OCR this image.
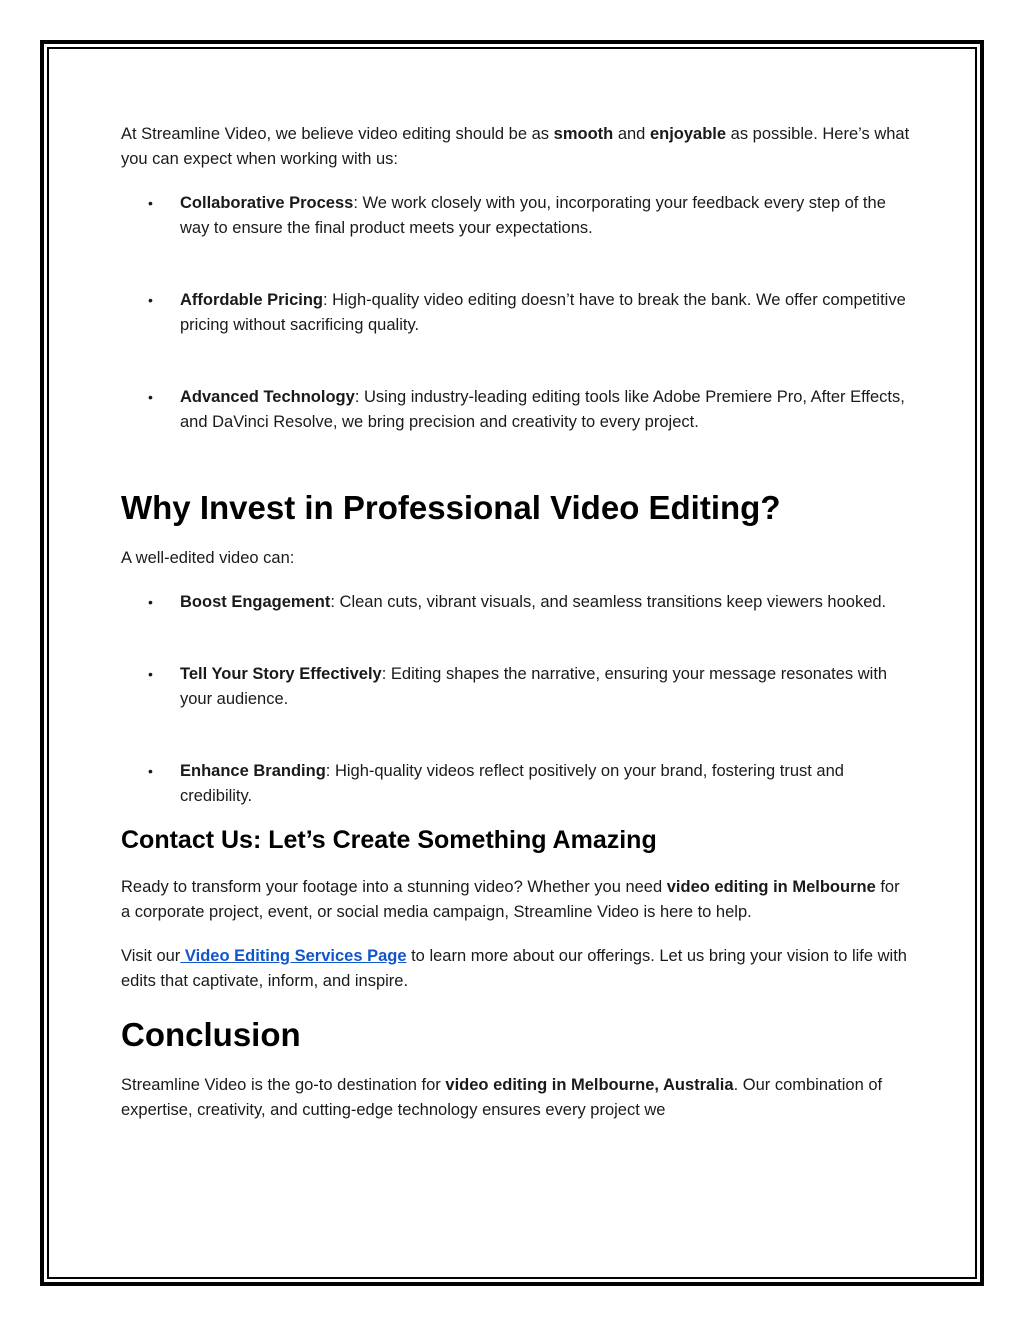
At Streamline Video, we believe video editing should be as smooth and enjoyable as possible. Here’s what you can expect when working with us:

• Collaborative Process: We work closely with you, incorporating your feedback every step of the way to ensure the final product meets your expectations.
• Affordable Pricing: High-quality video editing doesn’t have to break the bank. We offer competitive pricing without sacrificing quality.
• Advanced Technology: Using industry-leading editing tools like Adobe Premiere Pro, After Effects, and DaVinci Resolve, we bring precision and creativity to every project.
Why Invest in Professional Video Editing?

A well-edited video can:

• Boost Engagement: Clean cuts, vibrant visuals, and seamless transitions keep viewers hooked.
• Tell Your Story Effectively: Editing shapes the narrative, ensuring your message resonates with your audience.
• Enhance Branding: High-quality videos reflect positively on your brand, fostering trust and credibility.
Contact Us: Let’s Create Something Amazing

Ready to transform your footage into a stunning video? Whether you need video editing in Melbourne for a corporate project, event, or social media campaign, Streamline Video is here to help.

Visit our Video Editing Services Page to learn more about our offerings. Let us bring your vision to life with edits that captivate, inform, and inspire.

Conclusion

Streamline Video is the go-to destination for video editing in Melbourne, Australia. Our combination of expertise, creativity, and cutting-edge technology ensures every project we
